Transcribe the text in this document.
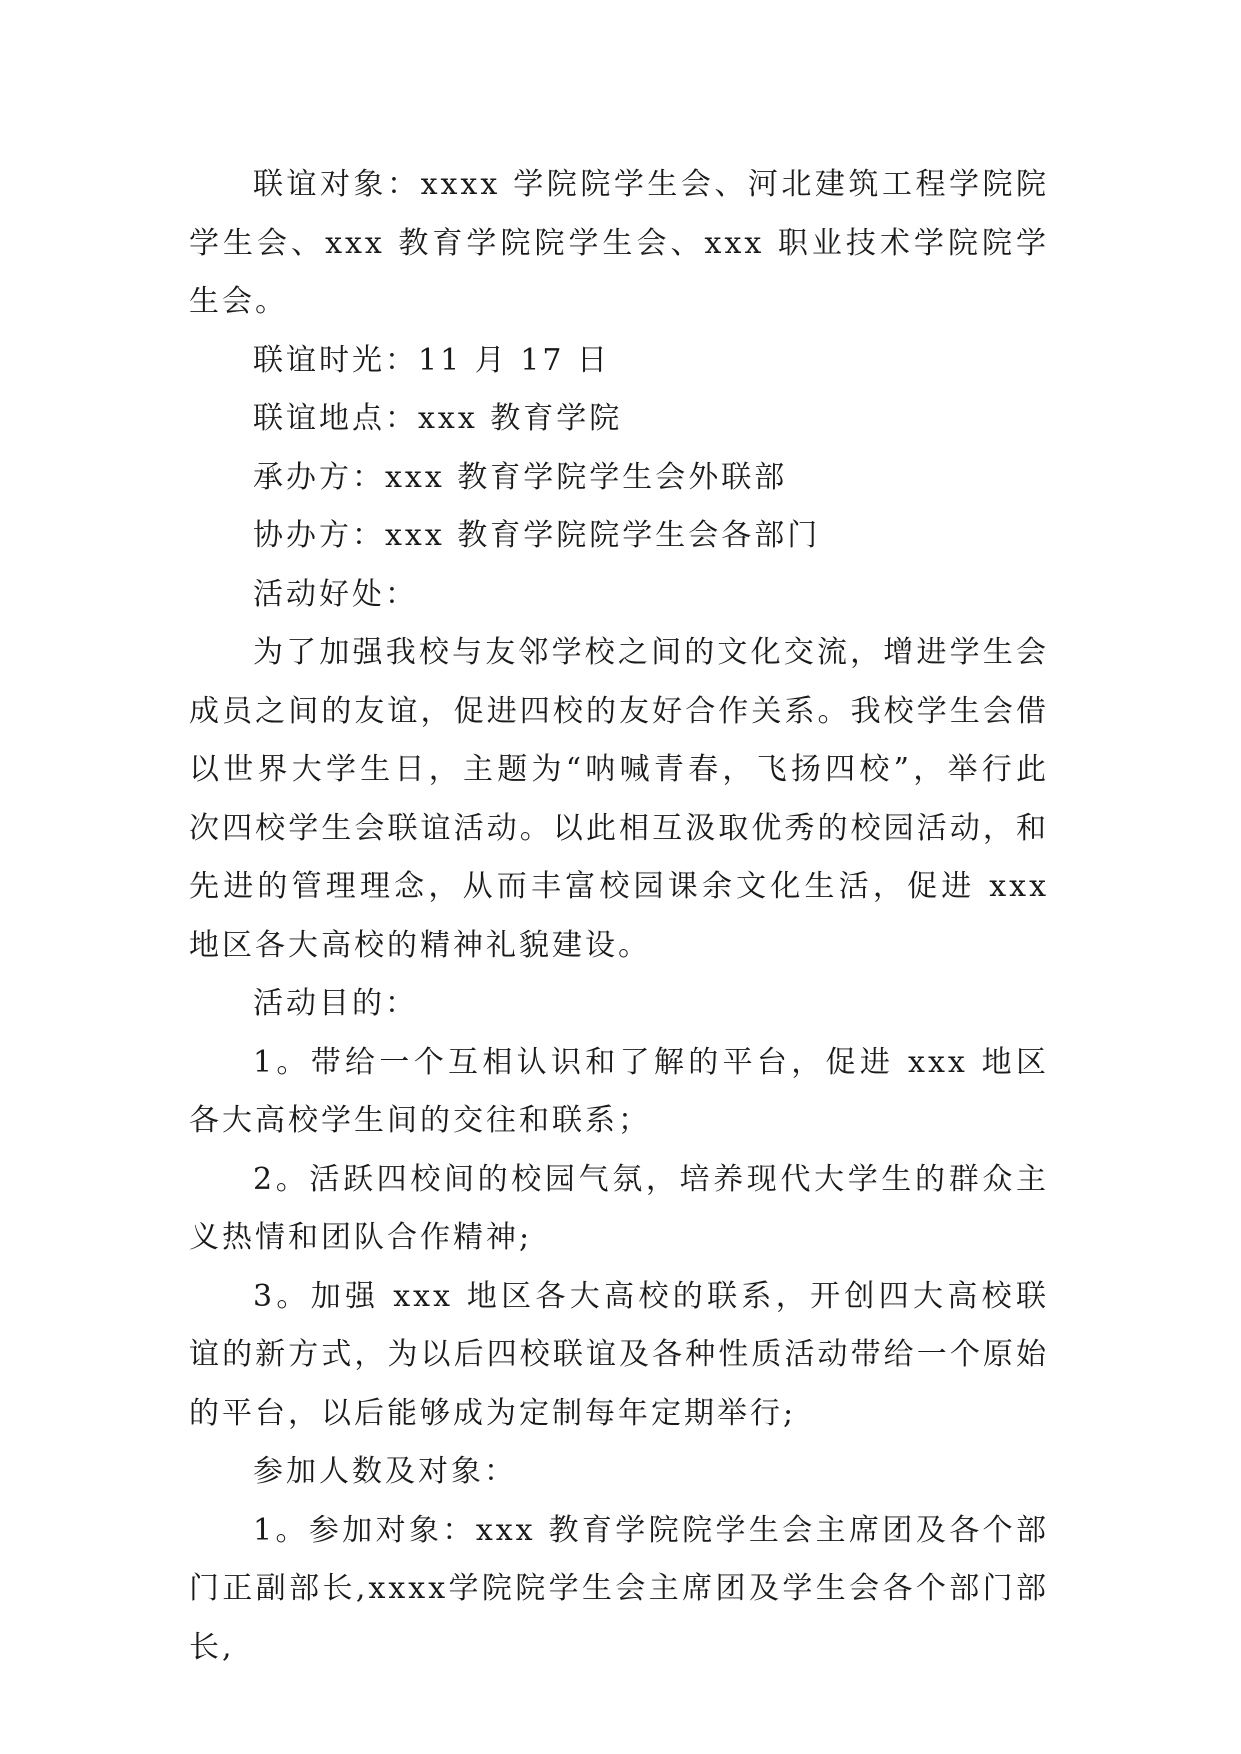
联谊对象：xxxx 学院院学生会、河北建筑工程学院院学生会、xxx 教育学院院学生会、xxx 职业技术学院院学生会。

联谊时光：11 月 17 日

联谊地点：xxx 教育学院

承办方：xxx 教育学院学生会外联部

协办方：xxx 教育学院院学生会各部门

活动好处：

为了加强我校与友邻学校之间的文化交流，增进学生会成员之间的友谊，促进四校的友好合作关系。我校学生会借以世界大学生日，主题为“呐喊青春，飞扬四校”，举行此次四校学生会联谊活动。以此相互汲取优秀的校园活动，和先进的管理理念，从而丰富校园课余文化生活，促进 xxx 地区各大高校的精神礼貌建设。

活动目的：

1。带给一个互相认识和了解的平台，促进 xxx 地区各大高校学生间的交往和联系；

2。活跃四校间的校园气氛，培养现代大学生的群众主义热情和团队合作精神;

3。加强 xxx 地区各大高校的联系，开创四大高校联谊的新方式，为以后四校联谊及各种性质活动带给一个原始的平台，以后能够成为定制每年定期举行;

参加人数及对象：

1。参加对象：xxx 教育学院院学生会主席团及各个部门正副部长,xxxx学院院学生会主席团及学生会各个部门部长,
